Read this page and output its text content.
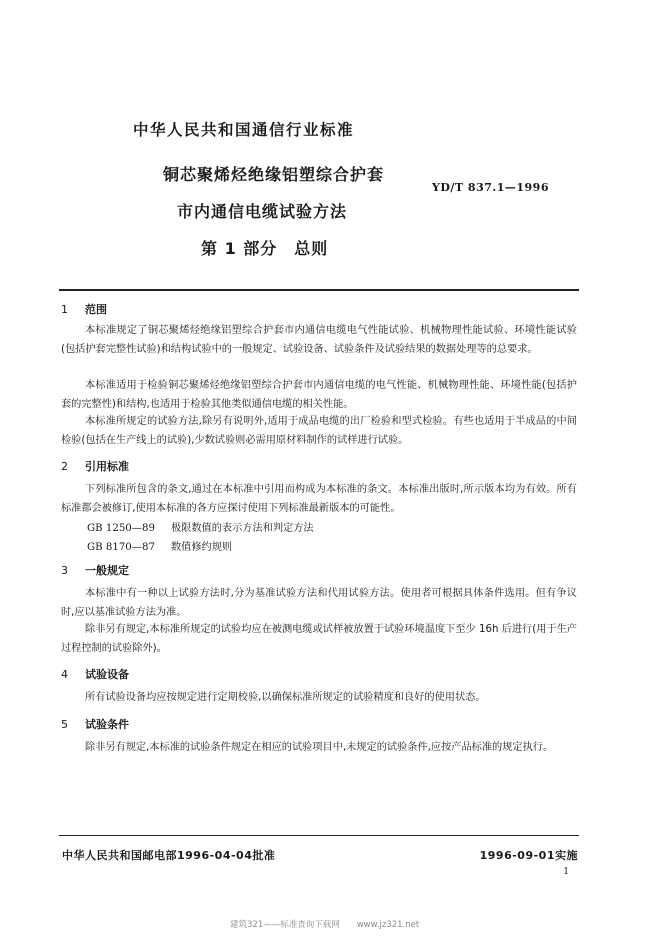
中华人民共和国通信行业标准
铜芯聚烯烃绝缘铝塑综合护套
市内通信电缆试验方法
第 1 部分　总则
YD/T 837.1—1996
1 范围
本标准规定了铜芯聚烯烃绝缘铝塑综合护套市内通信电缆电气性能试验、机械物理性能试验、环境性能试验(包括护套完整性试验)和结构试验中的一般规定、试验设备、试验条件及试验结果的数据处理等的总要求。
本标准适用于检验铜芯聚烯烃绝缘铝塑综合护套市内通信电缆的电气性能、机械物理性能、环境性能(包括护套的完整性)和结构,也适用于检验其他类似通信电缆的相关性能。
本标准所规定的试验方法,除另有说明外,适用于成品电缆的出厂检验和型式检验。有些也适用于半成品的中间检验(包括在生产线上的试验),少数试验则必需用原材料制作的试样进行试验。
2 引用标准
下列标准所包含的条文,通过在本标准中引用而构成为本标准的条文。本标准出版时,所示版本均为有效。所有标准都会被修订,使用本标准的各方应探讨使用下列标准最新版本的可能性。
GB 1250—89 极限数值的表示方法和判定方法
GB 8170—87 数值修约规则
3 一般规定
本标准中有一种以上试验方法时,分为基准试验方法和代用试验方法。使用者可根据具体条件选用。但有争议时,应以基准试验方法为准。
除非另有规定,本标准所规定的试验均应在被测电缆或试样被放置于试验环境温度下至少 16h 后进行(用于生产过程控制的试验除外)。
4 试验设备
所有试验设备均应按规定进行定期校验,以确保标准所规定的试验精度和良好的使用状态。
5 试验条件
除非另有规定,本标准的试验条件规定在相应的试验项目中,未规定的试验条件,应按产品标准的规定执行。
中华人民共和国邮电部1996-04-04批准	1996-09-01实施
1
建筑321——标准查询下载网　　www.jz321.net
